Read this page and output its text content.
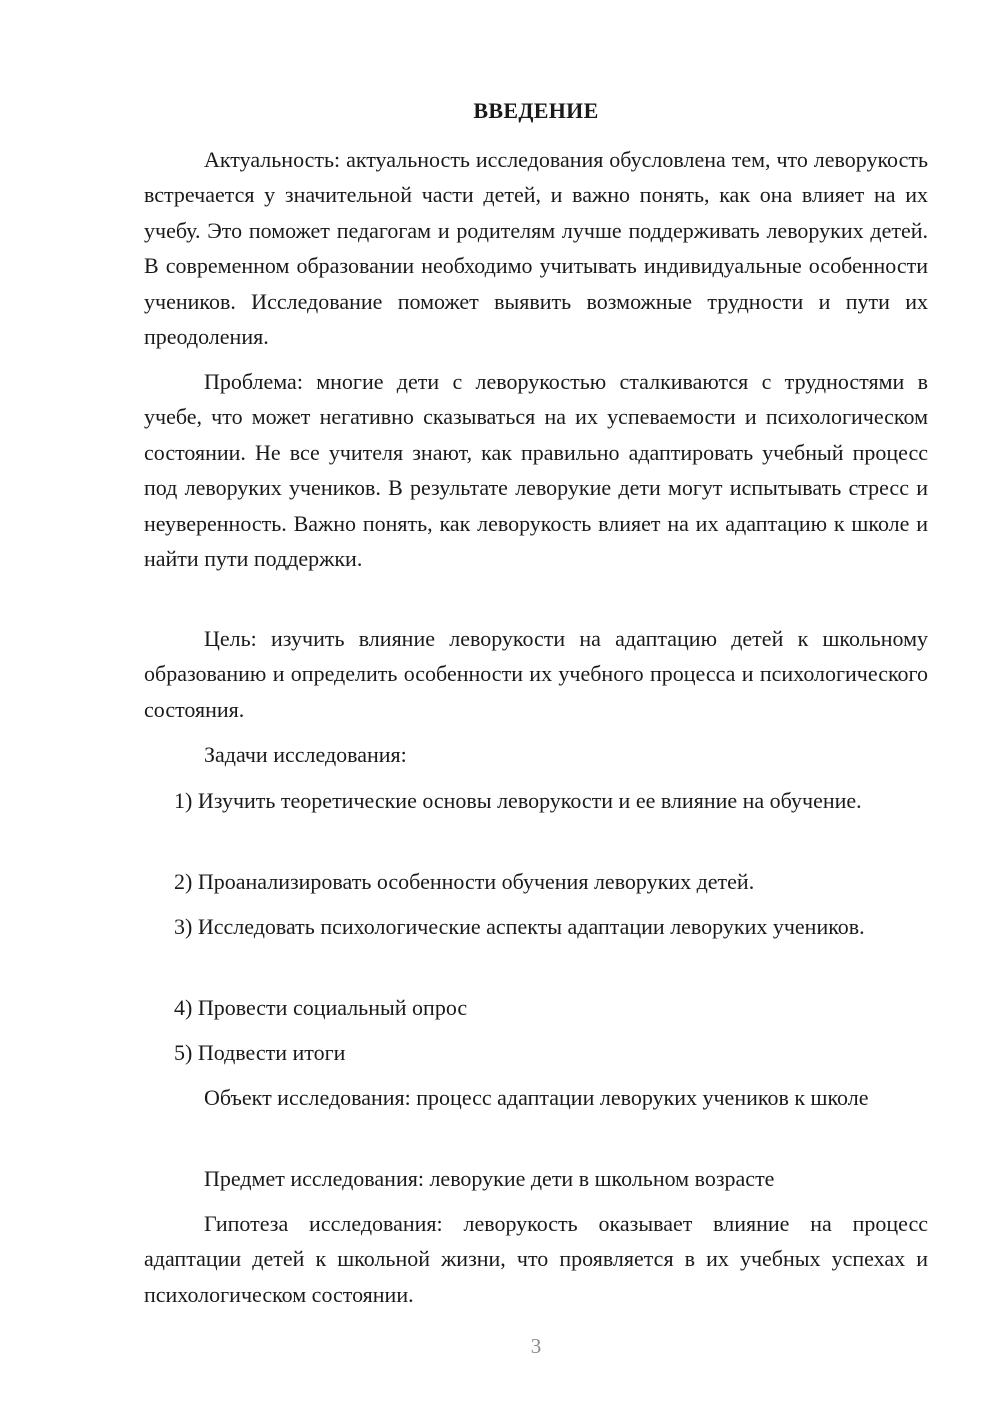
ВВЕДЕНИЕ

Актуальность: актуальность исследования обусловлена тем, что леворукость встречается у значительной части детей, и важно понять, как она влияет на их учебу. Это поможет педагогам и родителям лучше поддерживать леворуких детей. В современном образовании необходимо учитывать индивидуальные особенности учеников. Исследование поможет выявить возможные трудности и пути их преодоления.

Проблема: многие дети с леворукостью сталкиваются с трудностями в учебе, что может негативно сказываться на их успеваемости и психологическом состоянии. Не все учителя знают, как правильно адаптировать учебный процесс под леворуких учеников. В результате леворукие дети могут испытывать стресс и неуверенность. Важно понять, как леворукость влияет на их адаптацию к школе и найти пути поддержки.

Цель: изучить влияние леворукости на адаптацию детей к школьному образованию и определить особенности их учебного процесса и психологического состояния.

Задачи исследования:

1) Изучить теоретические основы леворукости и ее влияние на обучение.

2) Проанализировать особенности обучения леворуких детей.

3) Исследовать психологические аспекты адаптации леворуких учеников.

4) Провести социальный опрос

5) Подвести итоги

Объект исследования: процесс адаптации леворуких учеников к школе

Предмет исследования: леворукие дети в школьном возрасте

Гипотеза исследования: леворукость оказывает влияние на процесс адаптации детей к школьной жизни, что проявляется в их учебных успехах и психологическом состоянии.

3
